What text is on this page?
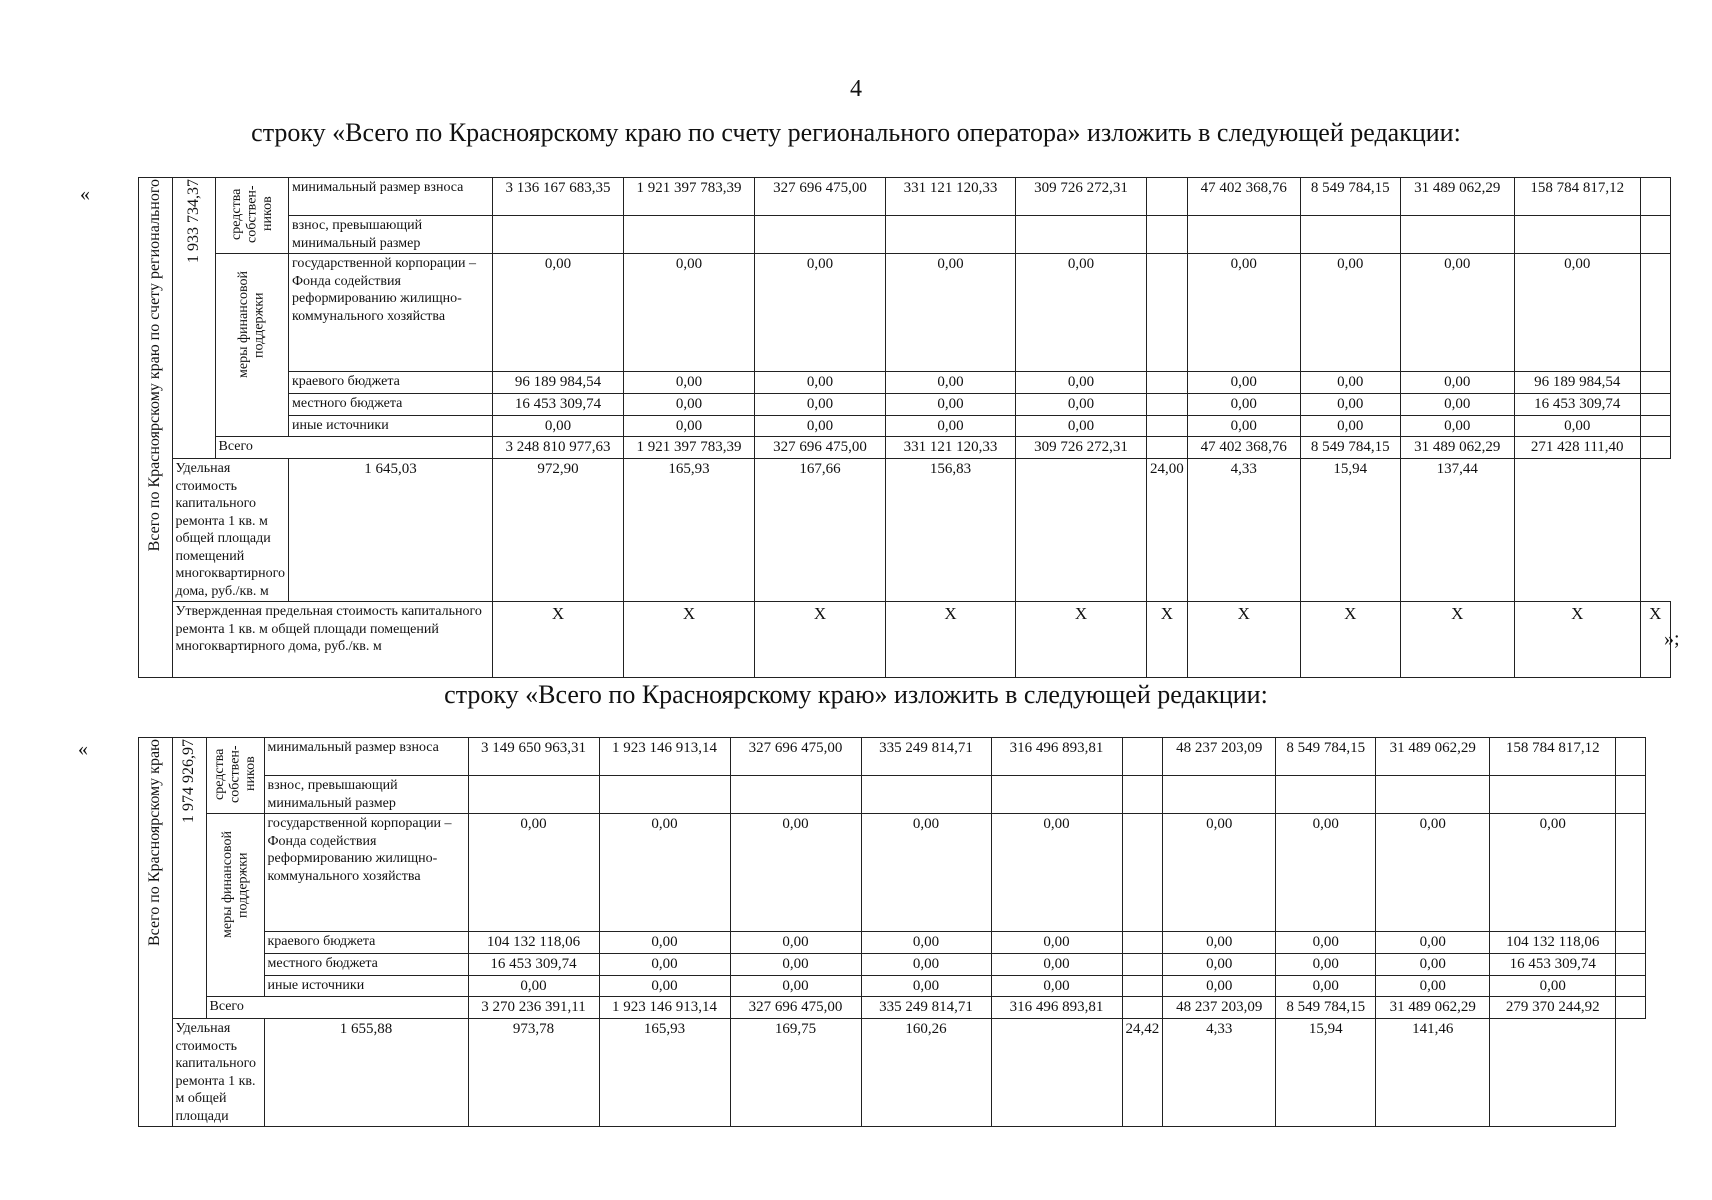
4
строку «Всего по Красноярскому краю по счету регионального оператора» изложить в следующей редакции:
«
»;

	Всего по Красноярскому краю по счету регионального	1 933 734,37	средства собствен- ников	минимальный размер взноса	3 136 167 683,35	1 921 397 783,39	327 696 475,00	331 121 120,33	309 726 272,31		47 402 368,76	8 549 784,15	31 489 062,29	158 784 817,12	
				взнос, превышающий минимальный размер											

			меры финансовой поддержки	государственной корпорации – Фонда содействия реформированию жилищно-коммунального хозяйства	0,00	0,00	0,00	0,00	0,00		0,00	0,00	0,00	0,00	
				краевого бюджета	96 189 984,54	0,00	0,00	0,00	0,00		0,00	0,00	0,00	96 189 984,54	
				местного бюджета	16 453 309,74	0,00	0,00	0,00	0,00		0,00	0,00	0,00	16 453 309,74	
				иные источники	0,00	0,00	0,00	0,00	0,00		0,00	0,00	0,00	0,00	
			Всего		3 248 810 977,63	1 921 397 783,39	327 696 475,00	331 121 120,33	309 726 272,31		47 402 368,76	8 549 784,15	31 489 062,29	271 428 111,40	
		Удельная стоимость капитального ремонта 1 кв. м общей площади помещений многоквартирного дома, руб./кв. м		1 645,03	972,90	165,93	167,66	156,83		24,00	4,33	15,94	137,44		
		Утвержденная предельная стоимость капитального ремонта 1 кв. м общей площади помещений многоквартирного дома, руб./кв. м			X	X	X	X	X	X	X	X	X	X	X
строку «Всего по Красноярскому краю» изложить в следующей редакции:
«

	Всего по Красноярскому краю	1 974 926,97	средства собствен- ников	минимальный размер взноса	3 149 650 963,31	1 923 146 913,14	327 696 475,00	335 249 814,71	316 496 893,81		48 237 203,09	8 549 784,15	31 489 062,29	158 784 817,12	
				взнос, превышающий минимальный размер											

			меры финансовой поддержки	государственной корпорации – Фонда содействия реформированию жилищно-коммунального хозяйства	0,00	0,00	0,00	0,00	0,00		0,00	0,00	0,00	0,00	
				краевого бюджета	104 132 118,06	0,00	0,00	0,00	0,00		0,00	0,00	0,00	104 132 118,06	
				местного бюджета	16 453 309,74	0,00	0,00	0,00	0,00		0,00	0,00	0,00	16 453 309,74	
				иные источники	0,00	0,00	0,00	0,00	0,00		0,00	0,00	0,00	0,00	
			Всего		3 270 236 391,11	1 923 146 913,14	327 696 475,00	335 249 814,71	316 496 893,81		48 237 203,09	8 549 784,15	31 489 062,29	279 370 244,92	
		Удельная стоимость капитального ремонта 1 кв. м общей площади		1 655,88	973,78	165,93	169,75	160,26		24,42	4,33	15,94	141,46		
